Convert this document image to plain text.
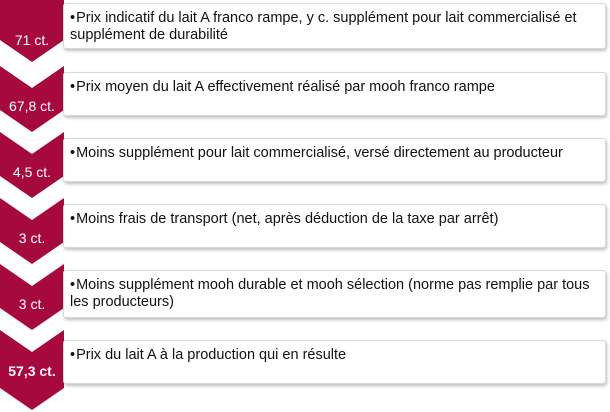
71 ct.
67,8 ct.
4,5 ct.
3 ct.
3 ct.
57,3 ct.
•Prix indicatif du lait A franco rampe, y c. supplément pour lait commercialisé et supplément de durabilité
•Prix moyen du lait A effectivement réalisé par mooh franco rampe
•Moins supplément pour lait commercialisé, versé directement au producteur
•Moins frais de transport (net, après déduction de la taxe par arrêt)
•Moins supplément mooh durable et mooh sélection (norme pas remplie par tous les producteurs)
•Prix du lait A à la production qui en résulte
